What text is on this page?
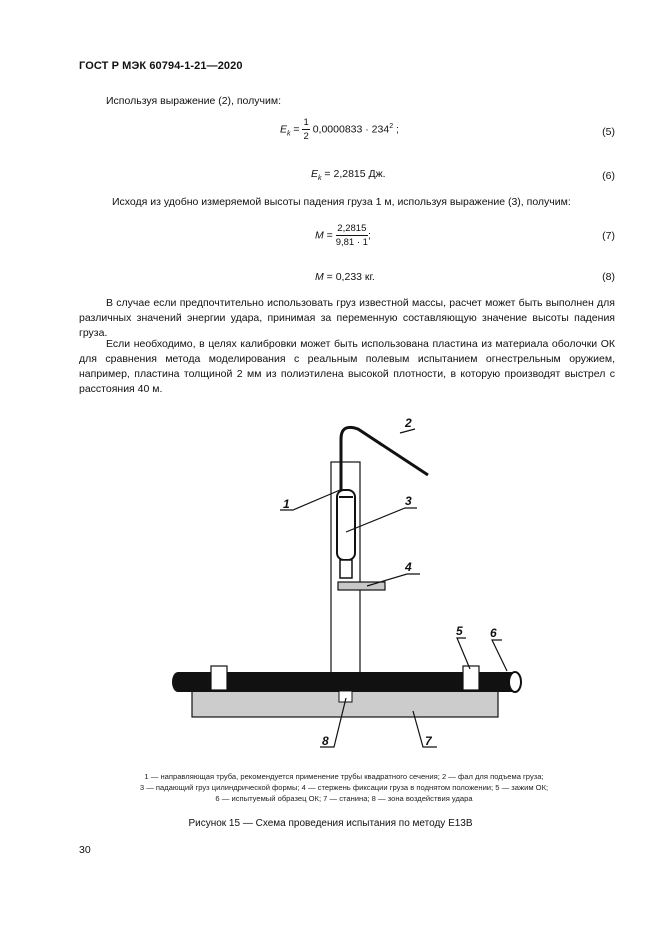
ГОСТ Р МЭК 60794-1-21—2020
Используя выражение (2), получим:
$E_k = \frac{1}{2} 0,0000833 \cdot 234^2$ ;	(5)
$E_k = 2,2815$ Дж.	(6)
Исходя из удобно измеряемой высоты падения груза 1 м, используя выражение (3), получим:
$M = \frac{2,2815}{9,81 \cdot 1}$ ;	(7)
M = 0,233 кг.	(8)
В случае если предпочтительно использовать груз известной массы, расчет может быть выполнен для различных значений энергии удара, принимая за переменную составляющую значение высоты падения груза.
Если необходимо, в целях калибровки может быть использована пластина из материала оболочки ОК для сравнения метода моделирования с реальным полевым испытанием огнестрельным оружием, например, пластина толщиной 2 мм из полиэтилена высокой плотности, в которую производят выстрел с расстояния 40 м.
1
2
3
4
5 6
7
8
1 — направляющая труба, рекомендуется применение трубы квадратного сечения; 2 — фал для подъема груза;
3 — падающий груз цилиндрической формы; 4 — стержень фиксации груза в поднятом положении; 5 — зажим ОК;
6 — испытуемый образец ОК; 7 — станина; 8 — зона воздействия удара
Рисунок 15 — Схема проведения испытания по методу Е13В
30
